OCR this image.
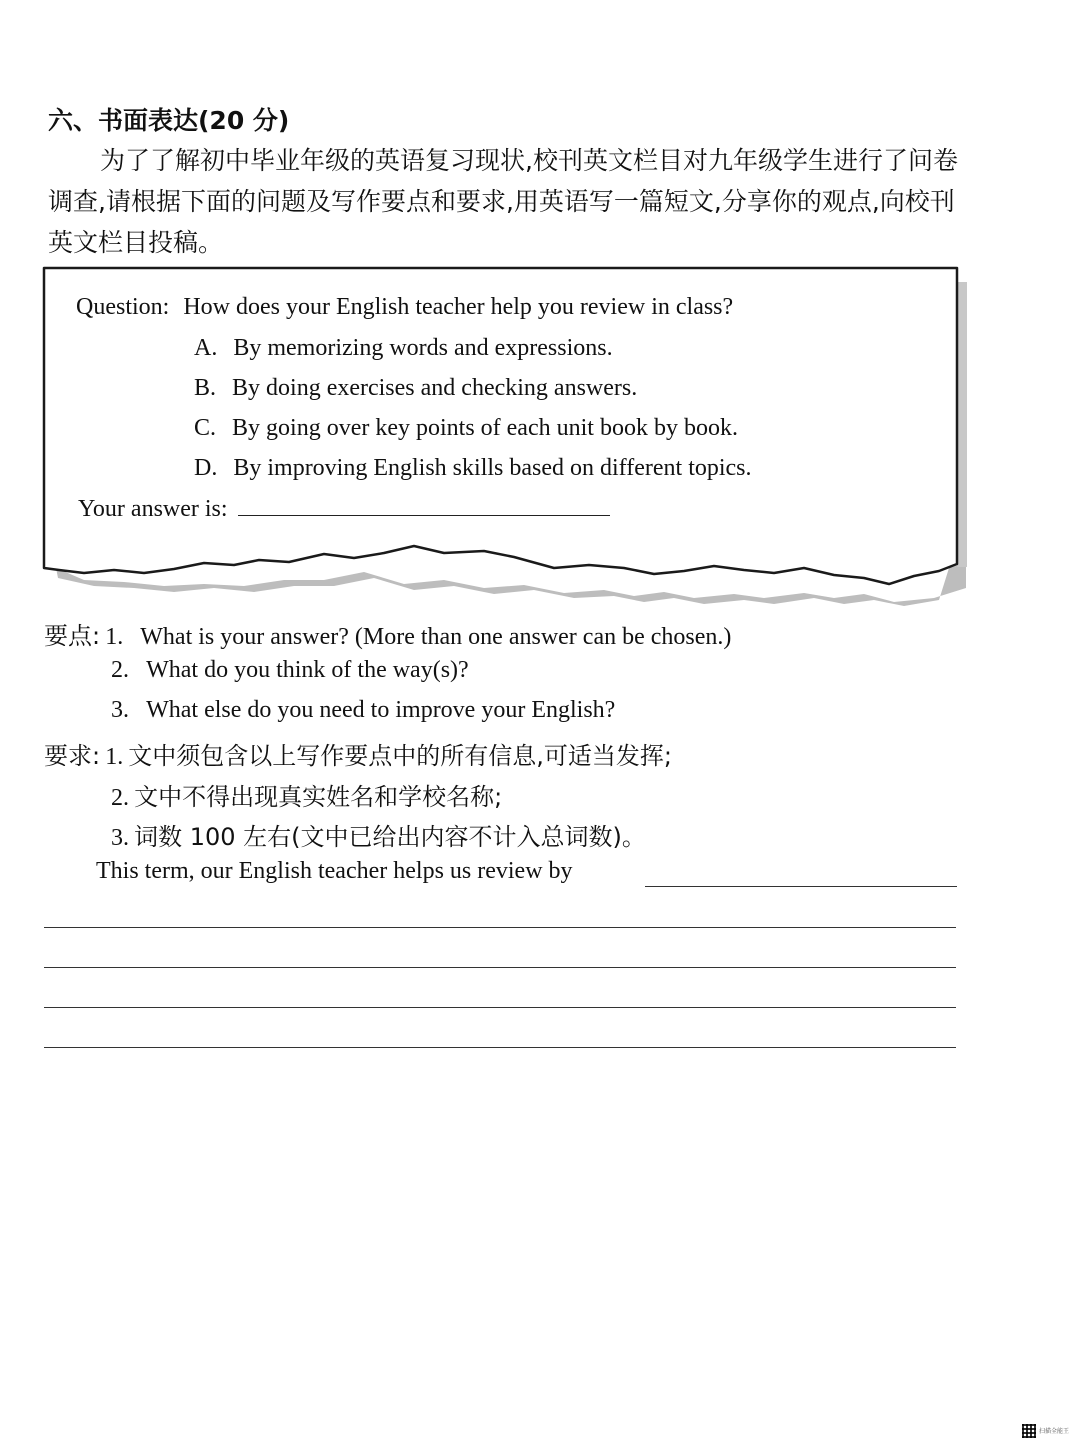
六、书面表达(20 分)
为了了解初中毕业年级的英语复习现状,校刊英文栏目对九年级学生进行了问卷调查,请根据下面的问题及写作要点和要求,用英语写一篇短文,分享你的观点,向校刊英文栏目投稿。
Question: How does your English teacher help you review in class?
A. By memorizing words and expressions.
B. By doing exercises and checking answers.
C. By going over key points of each unit book by book.
D. By improving English skills based on different topics.
Your answer is:
要点: 1. What is your answer? (More than one answer can be chosen.)
2. What do you think of the way(s)?
3. What else do you need to improve your English?
要求: 1. 文中须包含以上写作要点中的所有信息,可适当发挥;
2. 文中不得出现真实姓名和学校名称;
3. 词数 100 左右(文中已给出内容不计入总词数)。
This term, our English teacher helps us review by
扫描全能王
